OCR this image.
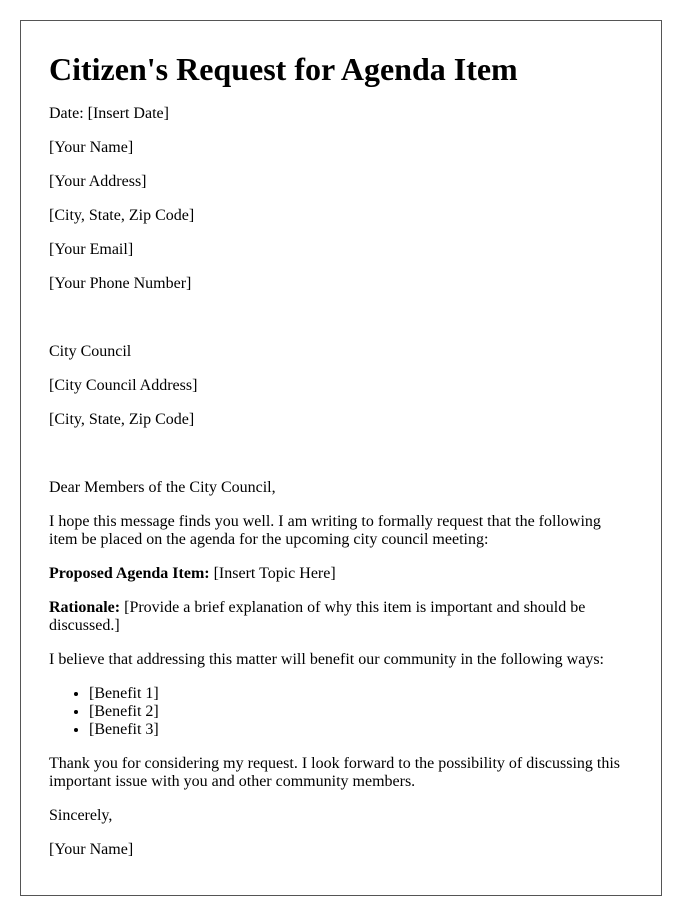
Citizen's Request for Agenda Item

Date: [Insert Date]

[Your Name]

[Your Address]

[City, State, Zip Code]

[Your Email]

[Your Phone Number]

City Council

[City Council Address]

[City, State, Zip Code]

Dear Members of the City Council,

I hope this message finds you well. I am writing to formally request that the following item be placed on the agenda for the upcoming city council meeting:

Proposed Agenda Item: [Insert Topic Here]

Rationale: [Provide a brief explanation of why this item is important and should be discussed.]

I believe that addressing this matter will benefit our community in the following ways:

• [Benefit 1]
• [Benefit 2]
• [Benefit 3]

Thank you for considering my request. I look forward to the possibility of discussing this important issue with you and other community members.

Sincerely,

[Your Name]
